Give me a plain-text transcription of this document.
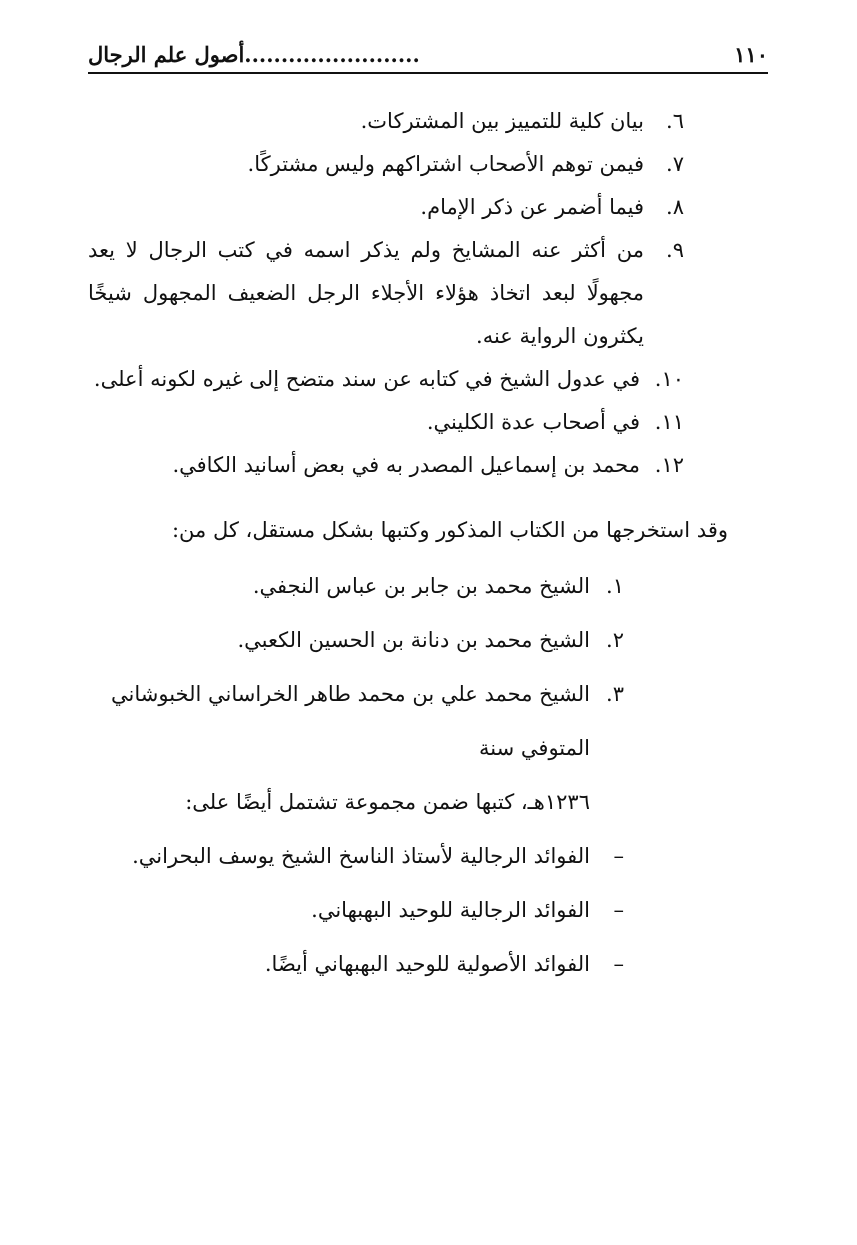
١١٠
........................أصول علم الرجال
٦.
بيان كلية للتمييز بين المشتركات.
٧.
فيمن توهم الأصحاب اشتراكهم وليس مشتركًا.
٨.
فيما أضمر عن ذكر الإمام.
٩.
من أكثر عنه المشايخ ولم يذكر اسمه في كتب الرجال لا يعد مجهولًا لبعد اتخاذ هؤلاء الأجلاء الرجل الضعيف المجهول شيخًا يكثرون الرواية عنه.
١٠.
في عدول الشيخ في كتابه عن سند متضح إلى غيره لكونه أعلى.
١١.
في أصحاب عدة الكليني.
١٢.
محمد بن إسماعيل المصدر به في بعض أسانيد الكافي.
وقد استخرجها من الكتاب المذكور وكتبها بشكل مستقل، كل من:
١.
الشيخ محمد بن جابر بن عباس النجفي.
٢.
الشيخ محمد بن دنانة بن الحسين الكعبي.
٣.
الشيخ محمد علي بن محمد طاهر الخراساني الخبوشاني المتوفي سنة
١٢٣٦هـ، كتبها ضمن مجموعة تشتمل أيضًا على:
–
الفوائد الرجالية لأستاذ الناسخ الشيخ يوسف البحراني.
–
الفوائد الرجالية للوحيد البهبهاني.
–
الفوائد الأصولية للوحيد البهبهاني أيضًا.
